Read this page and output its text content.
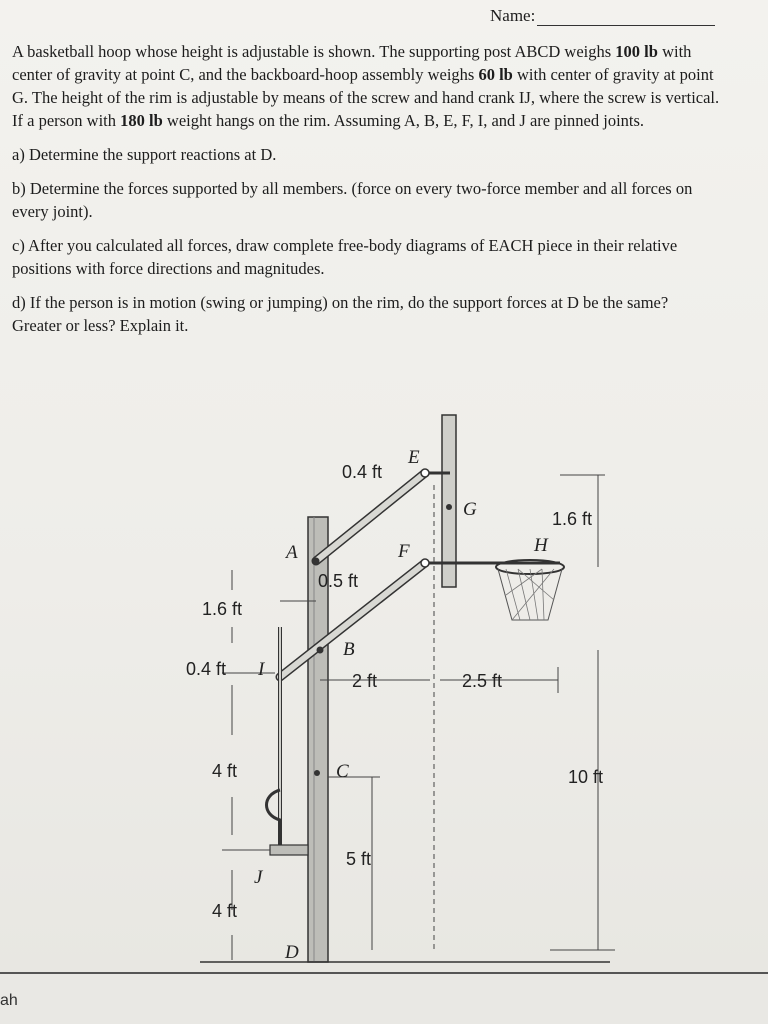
Name:

A basketball hoop whose height is adjustable is shown. The supporting post ABCD weighs 100 lb with center of gravity at point C, and the backboard-hoop assembly weighs 60 lb with center of gravity at point G. The height of the rim is adjustable by means of the screw and hand crank IJ, where the screw is vertical. If a person with 180 lb weight hangs on the rim. Assuming A, B, E, F, I, and J are pinned joints.

a) Determine the support reactions at D.

b) Determine the forces supported by all members. (force on every two-force member and all forces on every joint).

c) After you calculated all forces, draw complete free-body diagrams of EACH piece in their relative positions with force directions and magnitudes.

d) If the person is in motion (swing or jumping) on the rim, do the support forces at D be the same? Greater or less? Explain it.

E
G
A	F	H
B
I
C
J
D
0.4 ft
1.6 ft
0.5 ft
1.6 ft
0.4 ft
2 ft	2.5 ft
4 ft	10 ft
5 ft
4 ft
ah
